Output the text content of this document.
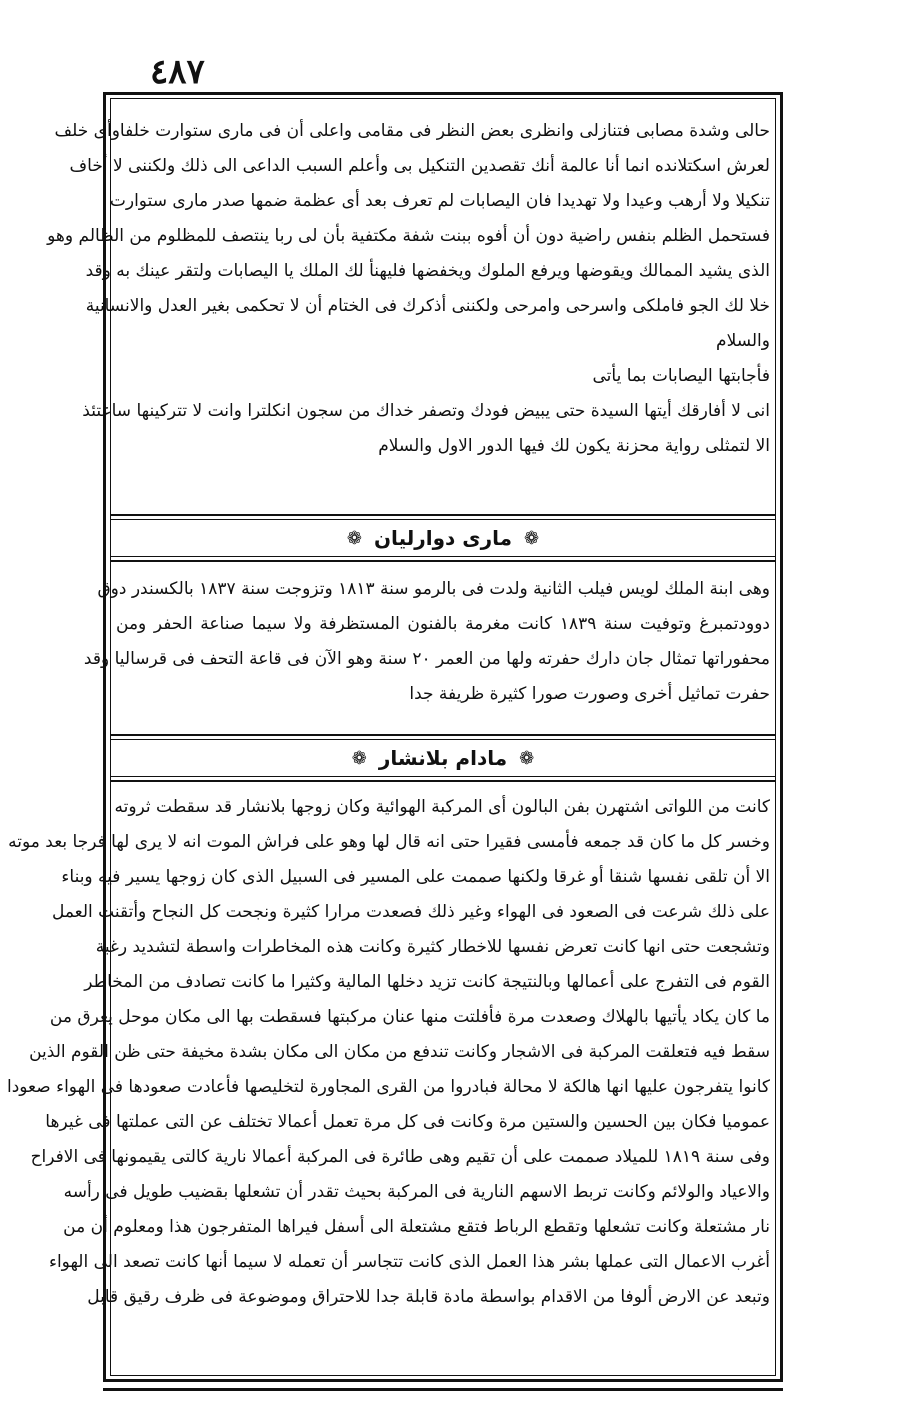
٤٨٧
حالى وشدة مصابى فتنازلى وانظرى بعض النظر فى مقامى واعلى أن فى مارى ستوارت خلفاوأى خلف
لعرش اسكتلانده انما أنا عالمة أنك تقصدين التنكيل بى وأعلم السبب الداعى الى ذلك ولكننى لا أخاف
تنكيلا ولا أرهب وعيدا ولا تهديدا فان اليصابات لم تعرف بعد أى عظمة ضمها صدر مارى ستوارت
فستحمل الظلم بنفس راضية دون أن أفوه ببنت شفة مكتفية بأن لى ربا ينتصف للمظلوم من الظالم وهو
الذى يشيد الممالك ويقوضها ويرفع الملوك ويخفضها فليهنأ لك الملك يا اليصابات ولتقر عينك به وقد
خلا لك الجو فاملكى واسرحى وامرحى ولكننى أذكرك فى الختام أن لا تحكمى بغير العدل والانسانية
والسلام
فأجابتها اليصابات بما يأتى
انى لا أفارقك أيتها السيدة حتى يبيض فودك وتصفر خداك من سجون انكلترا وانت لا تتركينها ساعتئذ
الا لتمثلى رواية محزنة يكون لك فيها الدور الاول والسلام
❁
مارى دوارليان
❁
وهى ابنة الملك لويس فيلب الثانية ولدت فى بالرمو سنة ١٨١٣ وتزوجت سنة ١٨٣٧ بالكسندر دوق
دوودتمبرغ وتوفيت سنة ١٨٣٩ كانت مغرمة بالفنون المستظرفة ولا سيما صناعة الحفر ومن
محفوراتها تمثال جان دارك حفرته ولها من العمر ٢٠ سنة وهو الآن فى قاعة التحف فى قرساليا وقد
حفرت تماثيل أخرى وصورت صورا كثيرة ظريفة جدا
❁
مادام بلانشار
❁
كانت من اللواتى اشتهرن بفن البالون أى المركبة الهوائية وكان زوجها بلانشار قد سقطت ثروته
وخسر كل ما كان قد جمعه فأمسى فقيرا حتى انه قال لها وهو على فراش الموت انه لا يرى لها فرجا بعد موته
الا أن تلقى نفسها شنقا أو غرقا ولكنها صممت على المسير فى السبيل الذى كان زوجها يسير فيه وبناء
على ذلك شرعت فى الصعود فى الهواء وغير ذلك فصعدت مرارا كثيرة ونجحت كل النجاح وأتقنت العمل
وتشجعت حتى انها كانت تعرض نفسها للاخطار كثيرة وكانت هذه المخاطرات واسطة لتشديد رغبة
القوم فى التفرج على أعمالها وبالنتيجة كانت تزيد دخلها المالية وكثيرا ما كانت تصادف من المخاطر
ما كان يكاد يأتيها بالهلاك وصعدت مرة فأفلتت منها عنان مركبتها فسقطت بها الى مكان موحل يغرق من
سقط فيه فتعلقت المركبة فى الاشجار وكانت تندفع من مكان الى مكان بشدة مخيفة حتى ظن القوم الذين
كانوا يتفرجون عليها انها هالكة لا محالة فبادروا من القرى المجاورة لتخليصها فأعادت صعودها فى الهواء صعودا
عموميا فكان بين الحسين والستين مرة وكانت فى كل مرة تعمل أعمالا تختلف عن التى عملتها فى غيرها
وفى سنة ١٨١٩ للميلاد صممت على أن تقيم وهى طائرة فى المركبة أعمالا نارية كالتى يقيمونها فى الافراح
والاعياد والولائم وكانت تربط الاسهم النارية فى المركبة بحيث تقدر أن تشعلها بقضيب طويل فى رأسه
نار مشتعلة وكانت تشعلها وتقطع الرباط فتقع مشتعلة الى أسفل فيراها المتفرجون هذا ومعلوم أن من
أغرب الاعمال التى عملها بشر هذا العمل الذى كانت تتجاسر أن تعمله لا سيما أنها كانت تصعد الى الهواء
وتبعد عن الارض ألوفا من الاقدام بواسطة مادة قابلة جدا للاحتراق وموضوعة فى ظرف رقيق قابل
